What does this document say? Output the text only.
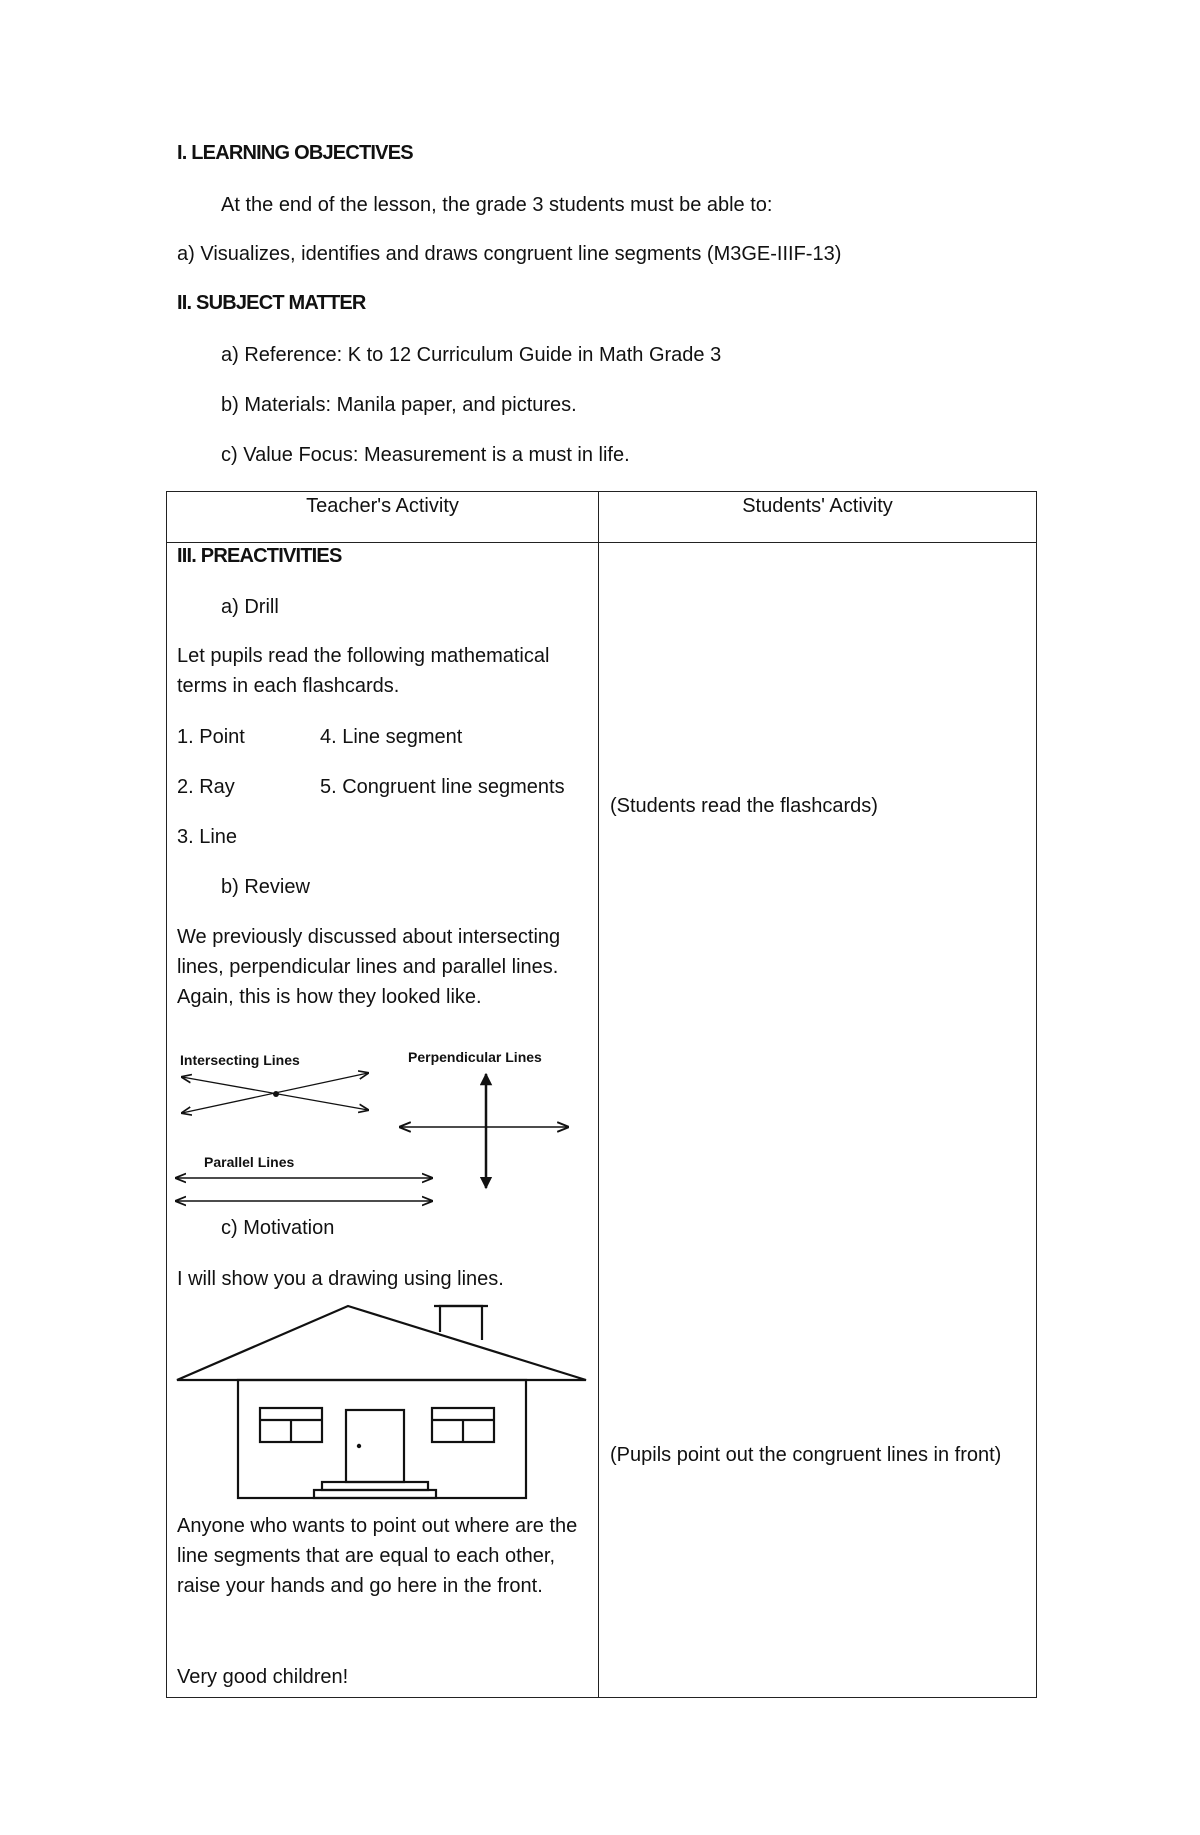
I. LEARNING OBJECTIVES
At the end of the lesson, the grade 3 students must be able to:
a) Visualizes, identifies and draws congruent line segments (M3GE-IIIF-13)
II. SUBJECT MATTER
a) Reference: K to 12 Curriculum Guide in Math Grade 3
b) Materials: Manila paper, and pictures.
c) Value Focus: Measurement is a must in life.
Teacher's Activity	Students' Activity
III. PREACTIVITIES
a) Drill
Let pupils read the following mathematical terms in each flashcards.
1. Point	4. Line segment
2. Ray	5. Congruent line segments
3. Line
b) Review
We previously discussed about intersecting lines, perpendicular lines and parallel lines. Again, this is how they looked like.
Intersecting Lines	Perpendicular Lines
Parallel Lines
c) Motivation
I will show you a drawing using lines.
Anyone who wants to point out where are the line segments that are equal to each other, raise your hands and go here in the front.
Very good children!
(Students read the flashcards)
(Pupils point out the congruent lines in front)
